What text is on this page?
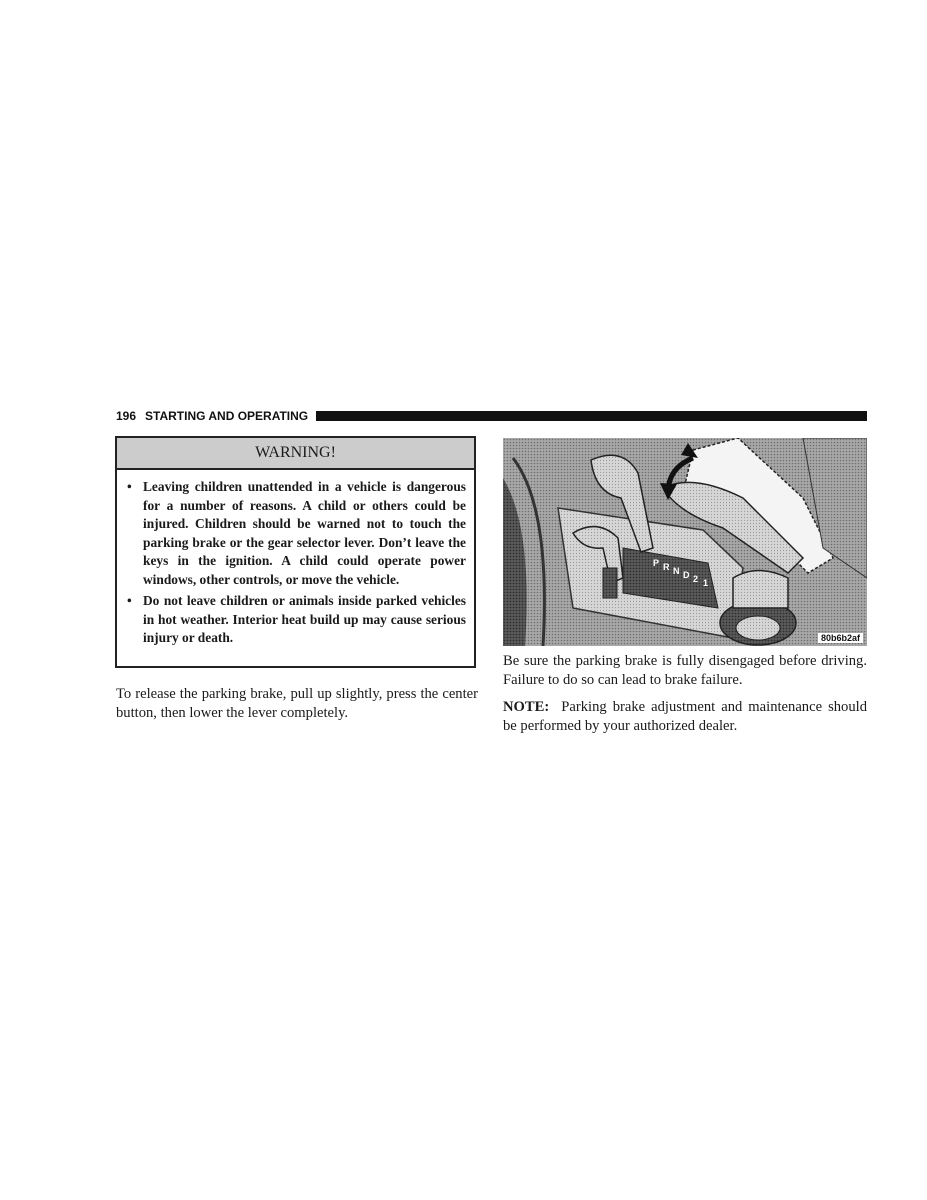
196 STARTING AND OPERATING
WARNING!
• Leaving children unattended in a vehicle is dangerous for a number of reasons. A child or others could be injured. Children should be warned not to touch the parking brake or the gear selector lever. Don’t leave the keys in the ignition. A child could operate power windows, other controls, or move the vehicle.
• Do not leave children or animals inside parked vehicles in hot weather. Interior heat build up may cause serious injury or death.

To release the parking brake, pull up slightly, press the center button, then lower the lever completely.

P R N D 2 1
80b6b2af

Be sure the parking brake is fully disengaged before driving. Failure to do so can lead to brake failure.

NOTE: Parking brake adjustment and maintenance should be performed by your authorized dealer.
